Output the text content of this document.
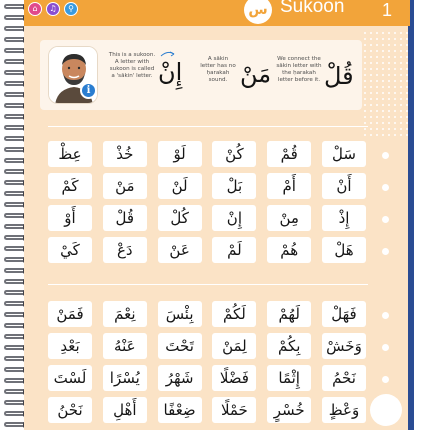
⌂ ♫ ⚲	س Sukoon 1
This is a sukoon. A letter with sukoon is called a 'sākin' letter. إِنْ	A sākin letter has no ḥarakah sound. مَنْ
We connect the sākin letter with the ḥarakah letter before it. قُلْ
i
سَلْ
قُمْ
كُنْ
لَوْ
خُذْ
عِظْ
أَنْ
أَمْ
بَلْ
لَنْ
مَنْ
كَمْ
إِذْ
مِنْ
إِنْ
كُلْ
قُلْ
أَوْ
هَلْ
هُمْ
لَمْ
عَنْ
دَعْ
كَيْ
فَهَلْ
لَهُمْ
لَكُمْ
بِئْسَ
نِعْمَ
فَمَنْ
وَخَشْ
بِكُمْ
لِمَنْ
تَحْتَ
عَنْهُ
بَعْدِ
نَحْمُ
إِثْمًا
فَضْلًا
شَهْرُ
يُسْرًا
لَسْتَ
وَعْظٍ
خُسْرٍ
حَمْلًا
ضِعْفًا
أَهْلِ
نَحْنُ
